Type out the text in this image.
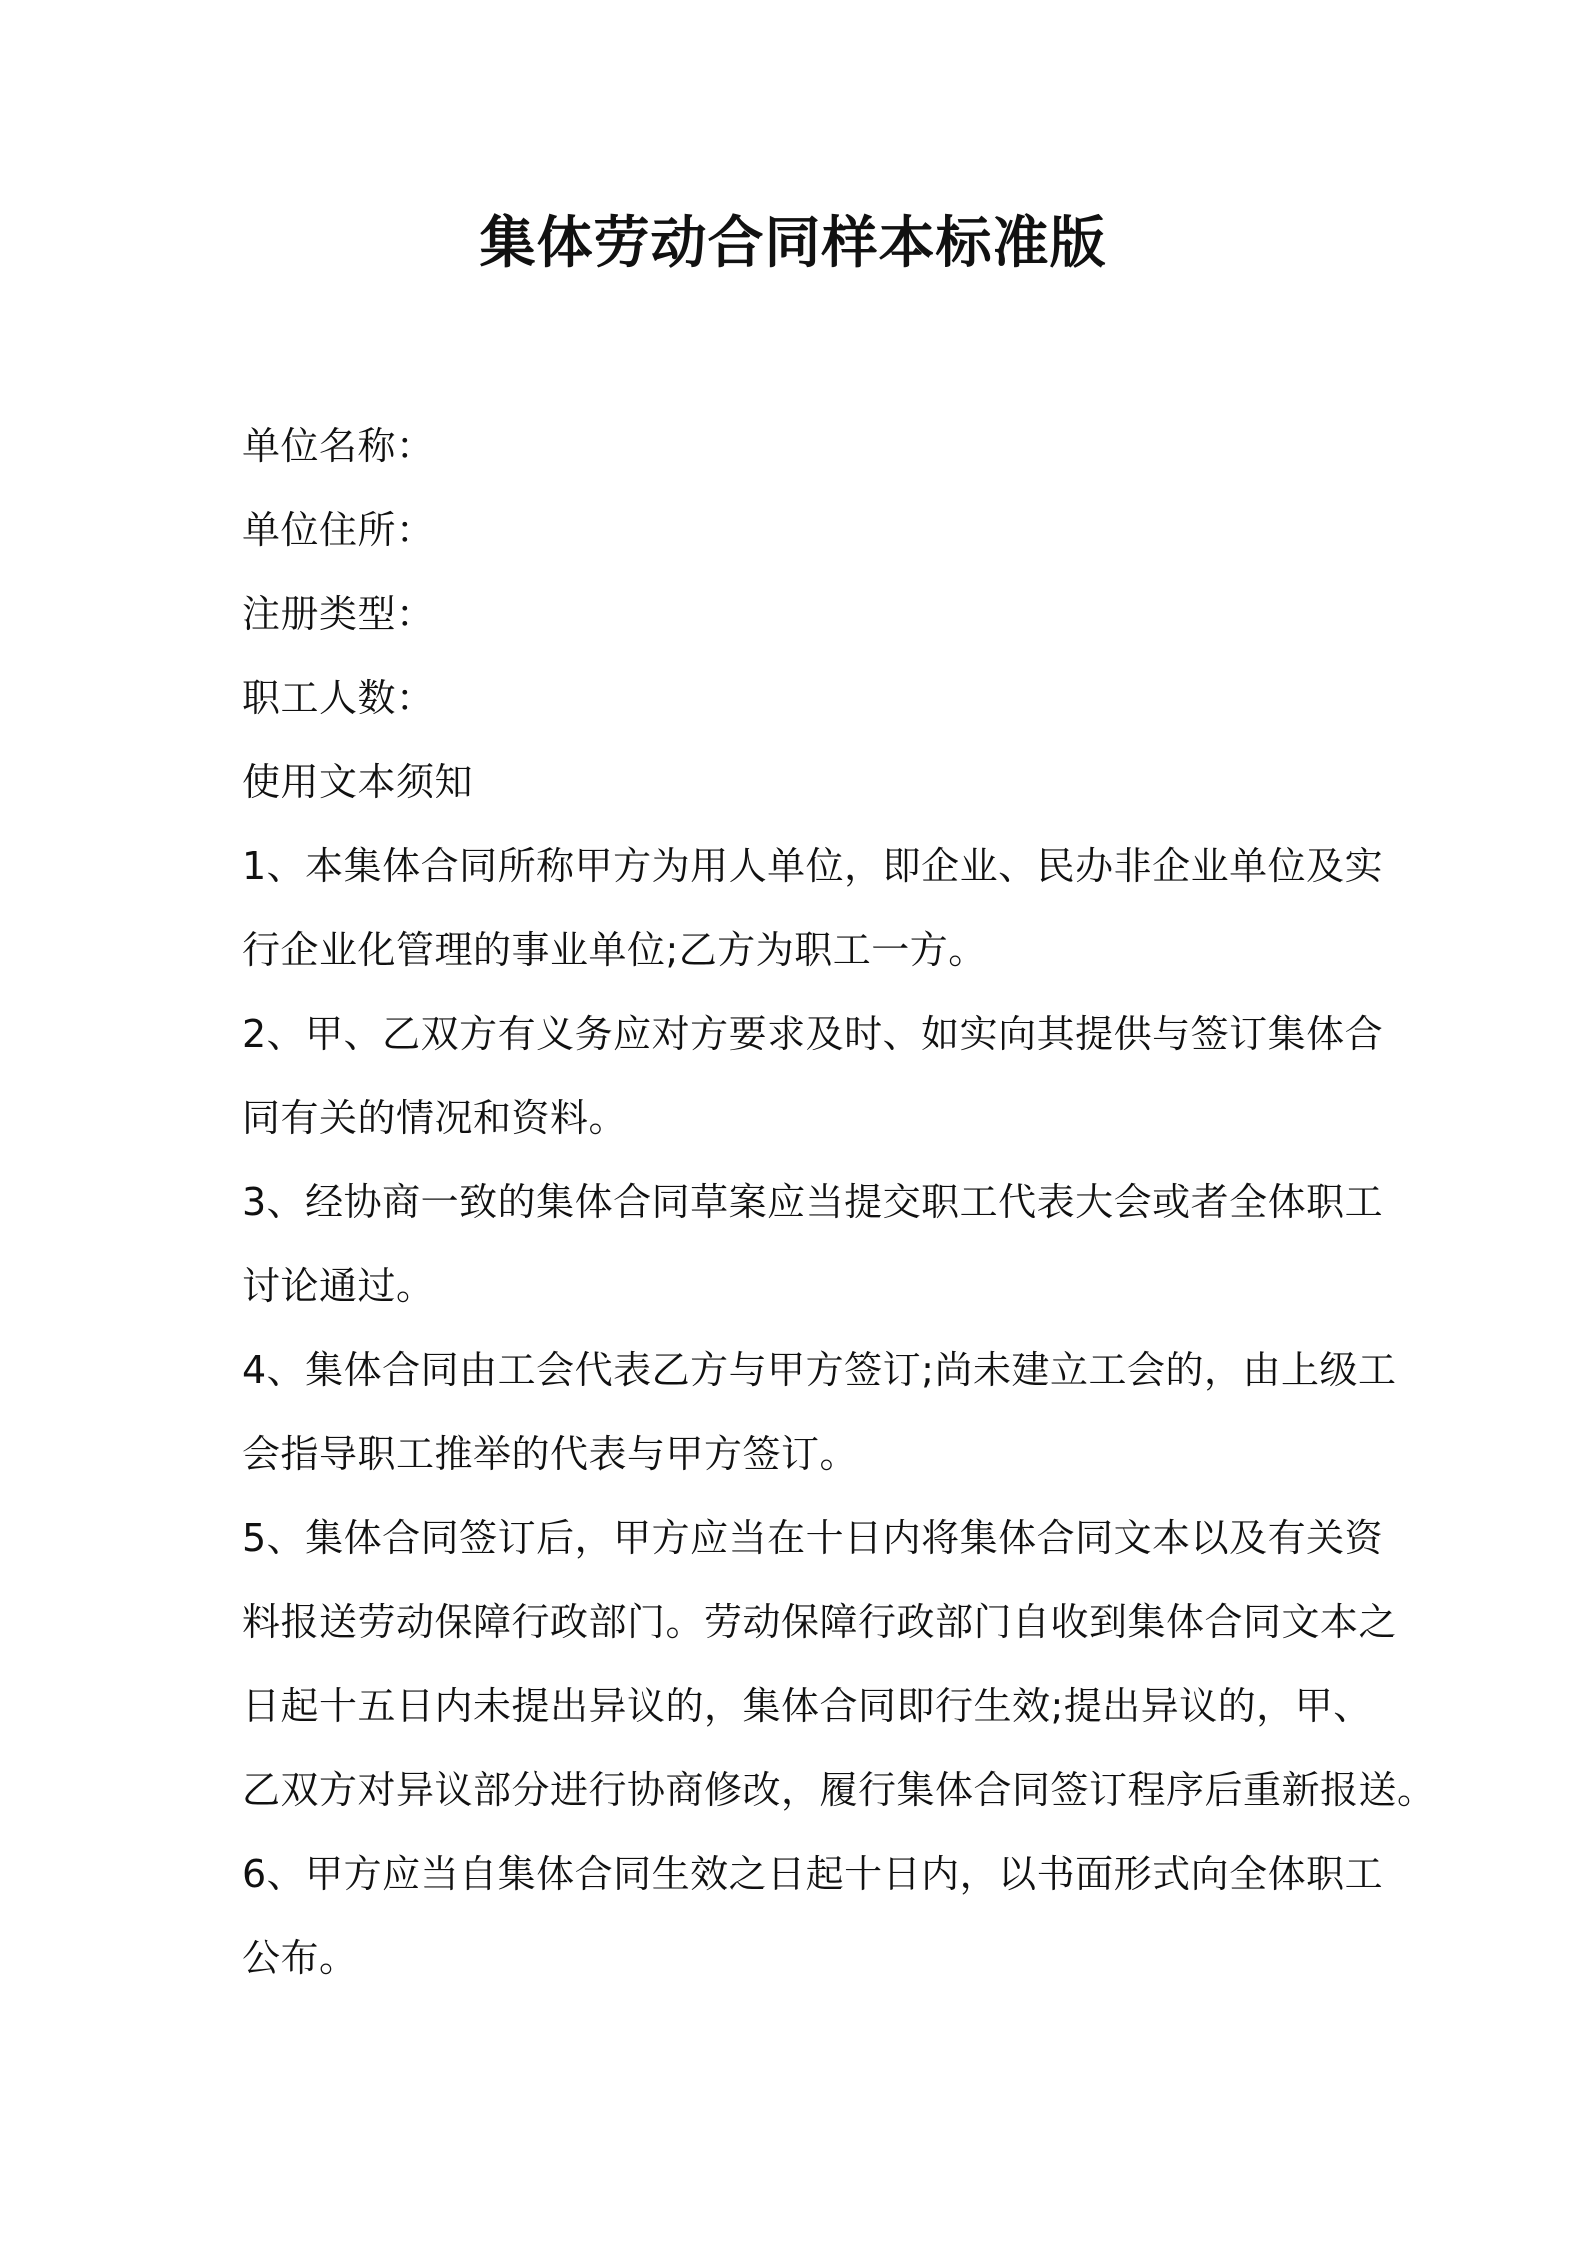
集体劳动合同样本标准版
单位名称：
单位住所：
注册类型：
职工人数：
使用文本须知
1、本集体合同所称甲方为用人单位，即企业、民办非企业单位及实
行企业化管理的事业单位;乙方为职工一方。
2、甲、乙双方有义务应对方要求及时、如实向其提供与签订集体合
同有关的情况和资料。
3、经协商一致的集体合同草案应当提交职工代表大会或者全体职工
讨论通过。
4、集体合同由工会代表乙方与甲方签订;尚未建立工会的，由上级工
会指导职工推举的代表与甲方签订。
5、集体合同签订后，甲方应当在十日内将集体合同文本以及有关资
料报送劳动保障行政部门。劳动保障行政部门自收到集体合同文本之
日起十五日内未提出异议的，集体合同即行生效;提出异议的，甲、
乙双方对异议部分进行协商修改，履行集体合同签订程序后重新报送。
6、甲方应当自集体合同生效之日起十日内，以书面形式向全体职工
公布。
